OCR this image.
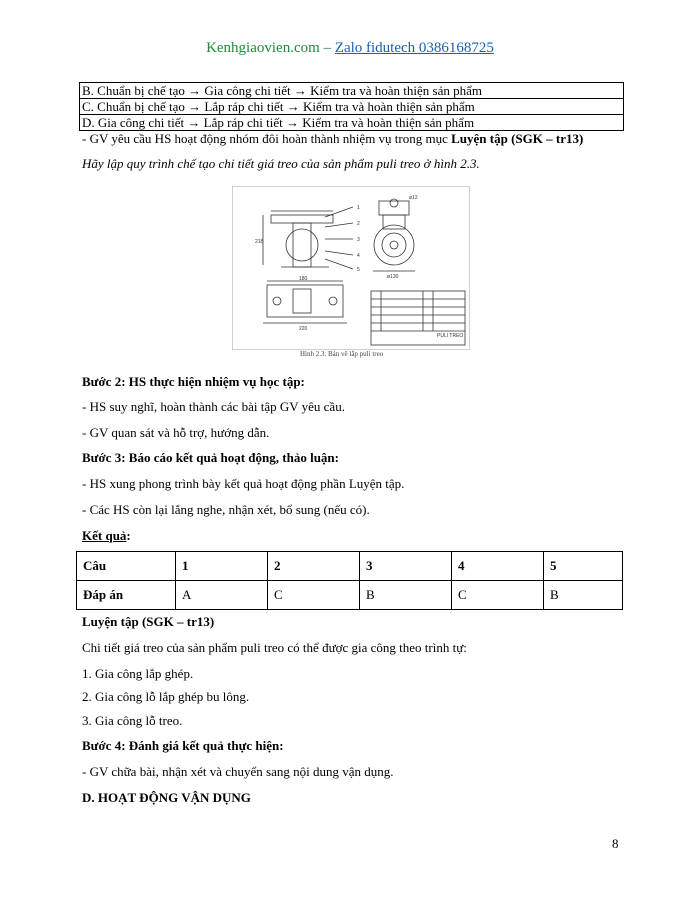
Kenhgiaovien.com – Zalo fidutech 0386168725
B. Chuẩn bị chế tạo → Gia công chi tiết → Kiểm tra và hoàn thiện sản phẩm
C. Chuẩn bị chế tạo → Lắp ráp chi tiết → Kiểm tra và hoàn thiện sản phẩm
D. Gia công chi tiết → Lắp ráp chi tiết → Kiểm tra và hoàn thiện sản phẩm
- GV yêu cầu HS hoạt động nhóm đôi hoàn thành nhiệm vụ trong mục Luyện tập (SGK – tr13)
Hãy lập quy trình chế tạo chi tiết giá treo của sản phẩm puli treo ở hình 2.3.
1
2
3
4
5
218
180
220
ø130
ø12
PULI TREO
Hình 2.3. Bản vẽ lắp puli treo
Bước 2: HS thực hiện nhiệm vụ học tập:
- HS suy nghĩ, hoàn thành các bài tập GV yêu cầu.
- GV quan sát và hỗ trợ, hướng dẫn.
Bước 3: Báo cáo kết quả hoạt động, thảo luận:
- HS xung phong trình bày kết quả hoạt động phần Luyện tập.
- Các HS còn lại lắng nghe, nhận xét, bổ sung (nếu có).
Kết quả:
Câu	1	2	3	4	5
Đáp án	A	C	B	C	B
Luyện tập (SGK – tr13)
Chi tiết giá treo của sản phẩm puli treo có thể được gia công theo trình tự:
1. Gia công lắp ghép.
2. Gia công lỗ lắp ghép bu lông.
3. Gia công lỗ treo.
Bước 4: Đánh giá kết quả thực hiện:
- GV chữa bài, nhận xét và chuyển sang nội dung vận dụng.
D. HOẠT ĐỘNG VẬN DỤNG
8
